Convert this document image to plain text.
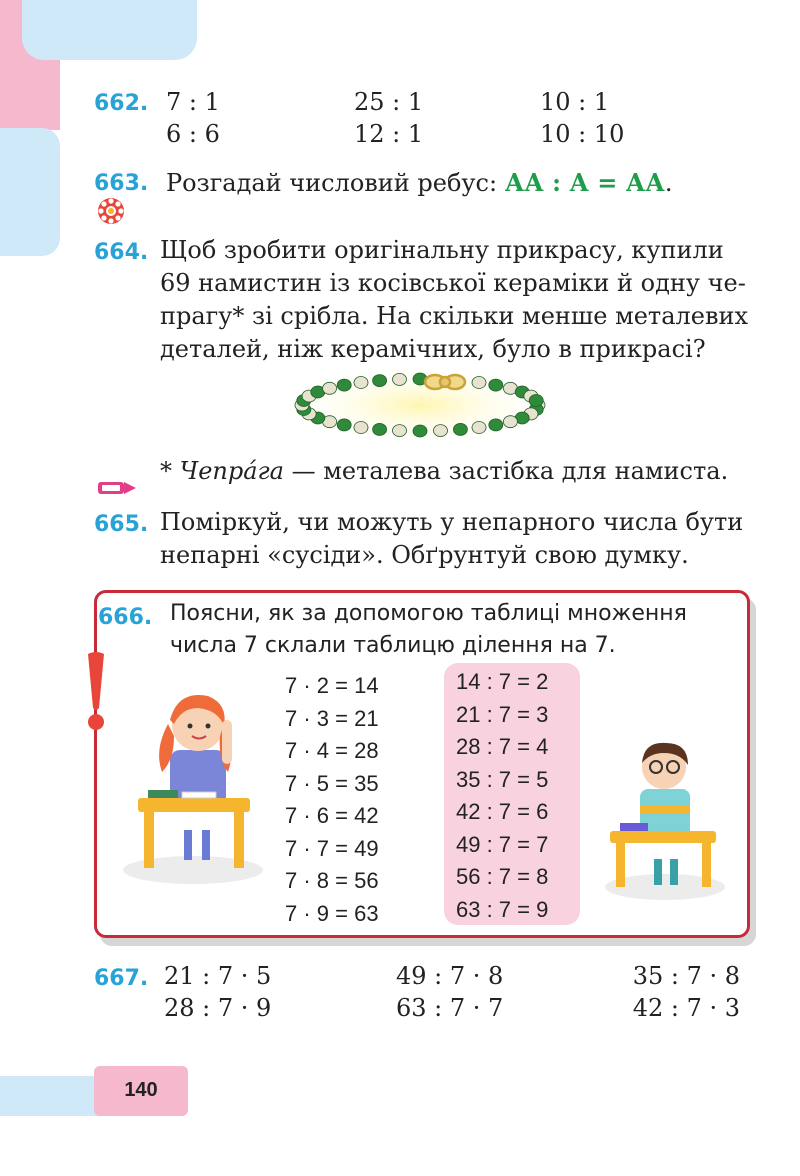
662. 7 : 1
6 : 6
25 : 1
12 : 1
10 : 1
10 : 10
663. Розгадай числовий ребус: АА : А = АА.
664. Щоб зробити оригінальну прикрасу, купили
69 намистин із косівської кераміки й одну че-
прагу* зі срібла. На скільки менше металевих
деталей, ніж керамічних, було в прикрасі?
* Чепрáга — металева застібка для намиста.
665. Поміркуй, чи можуть у непарного числа бути
непарні «сусіди». Обґрунтуй свою думку.
666. Поясни, як за допомогою таблиці множення
числа 7 склали таблицю ділення на 7.
7 · 2 = 14
7 · 3 = 21
7 · 4 = 28
7 · 5 = 35
7 · 6 = 42
7 · 7 = 49
7 · 8 = 56
7 · 9 = 63
14 : 7 = 2
21 : 7 = 3
28 : 7 = 4
35 : 7 = 5
42 : 7 = 6
49 : 7 = 7
56 : 7 = 8
63 : 7 = 9
667. 21 : 7 · 5
28 : 7 · 9
49 : 7 · 8
63 : 7 · 7
35 : 7 · 8
42 : 7 · 3
140
